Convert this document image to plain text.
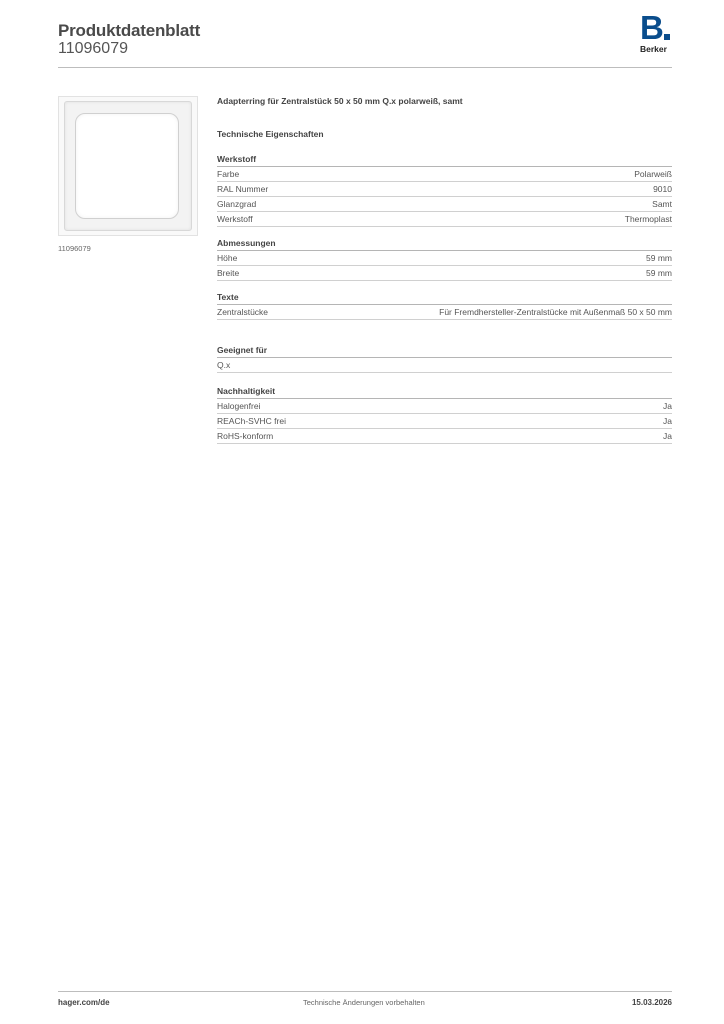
Produktdatenblatt
11096079
B
Berker
11096079
Adapterring für Zentralstück 50 x 50 mm Q.x polarweiß, samt
Technische Eigenschaften
Werkstoff
Farbe	Polarweiß
RAL Nummer	9010
Glanzgrad	Samt
Werkstoff	Thermoplast
Abmessungen
Höhe	59 mm
Breite	59 mm
Texte
Zentralstücke	Für Fremdhersteller-Zentralstücke mit Außenmaß 50 x 50 mm
Geeignet für
Q.x
Nachhaltigkeit
Halogenfrei	Ja
REACh-SVHC frei	Ja
RoHS-konform	Ja
hager.com/de	Technische Änderungen vorbehalten	15.03.2026
